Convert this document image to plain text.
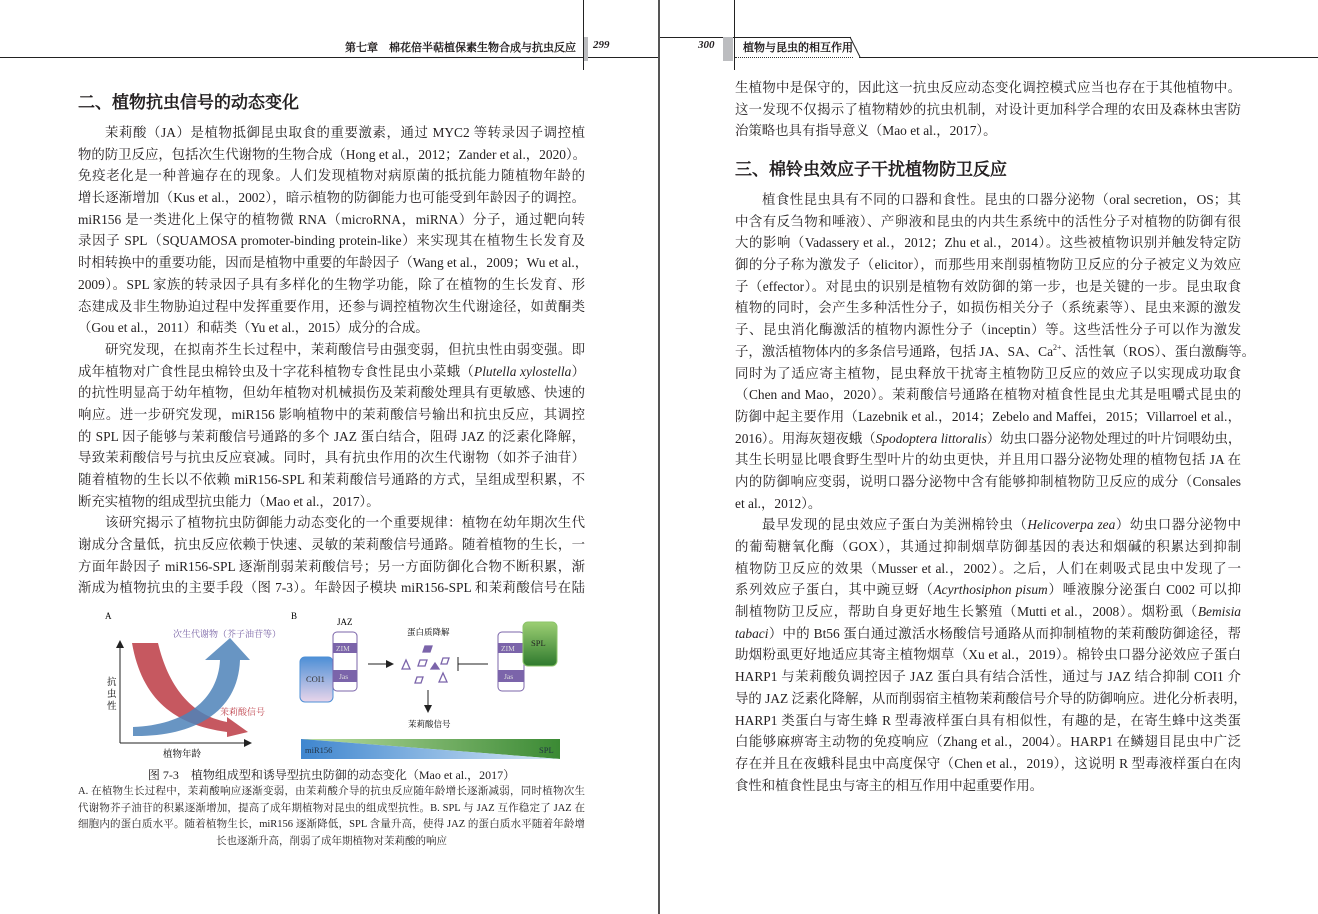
第七章　棉花倍半萜植保素生物合成与抗虫反应 299	300	植物与昆虫的相互作用
二、植物抗虫信号的动态变化
茉莉酸（JA）是植物抵御昆虫取食的重要激素，通过 MYC2 等转录因子调控植
物的防卫反应，包括次生代谢物的生物合成（Hong et al.，2012；Zander et al.，2020）。
免疫老化是一种普遍存在的现象。人们发现植物对病原菌的抵抗能力随植物年龄的
增长逐渐增加（Kus et al.，2002），暗示植物的防御能力也可能受到年龄因子的调控。
miR156 是一类进化上保守的植物微 RNA（microRNA，miRNA）分子，通过靶向转
录因子 SPL（SQUAMOSA promoter-binding protein-like）来实现其在植物生长发育及
时相转换中的重要功能，因而是植物中重要的年龄因子（Wang et al.，2009；Wu et al.，
2009）。SPL 家族的转录因子具有多样化的生物学功能，除了在植物的生长发育、形
态建成及非生物胁迫过程中发挥重要作用，还参与调控植物次生代谢途径，如黄酮类
（Gou et al.，2011）和萜类（Yu et al.，2015）成分的合成。
研究发现，在拟南芥生长过程中，茉莉酸信号由强变弱，但抗虫性由弱变强。即
成年植物对广食性昆虫棉铃虫及十字花科植物专食性昆虫小菜蛾（Plutella xylostella）
的抗性明显高于幼年植物，但幼年植物对机械损伤及茉莉酸处理具有更敏感、快速的
响应。进一步研究发现，miR156 影响植物中的茉莉酸信号输出和抗虫反应，其调控
的 SPL 因子能够与茉莉酸信号通路的多个 JAZ 蛋白结合，阻碍 JAZ 的泛素化降解，
导致茉莉酸信号与抗虫反应衰减。同时，具有抗虫作用的次生代谢物（如芥子油苷）
随着植物的生长以不依赖 miR156-SPL 和茉莉酸信号通路的方式，呈组成型积累，不
断充实植物的组成型抗虫能力（Mao et al.，2017）。
该研究揭示了植物抗虫防御能力动态变化的一个重要规律：植物在幼年期次生代
谢成分含量低，抗虫反应依赖于快速、灵敏的茉莉酸信号通路。随着植物的生长，一
方面年龄因子 miR156-SPL 逐渐削弱茉莉酸信号；另一方面防御化合物不断积累，渐
渐成为植物抗虫的主要手段（图 7-3）。年龄因子模块 miR156-SPL 和茉莉酸信号在陆
A
抗
虫
性
植物年龄
次生代谢物（芥子油苷等）
茉莉酸信号
B
JAZ
COI1
ZIM
Jas
蛋白质降解
茉莉酸信号
ZIM
Jas
SPL
miR156	SPL
图 7-3　植物组成型和诱导型抗虫防御的动态变化（Mao et al.，2017）
A. 在植物生长过程中，茉莉酸响应逐渐变弱，由茉莉酸介导的抗虫反应随年龄增长逐渐减弱，同时植物次生
代谢物芥子油苷的积累逐渐增加，提高了成年期植物对昆虫的组成型抗性。B. SPL 与 JAZ 互作稳定了 JAZ 在
细胞内的蛋白质水平。随着植物生长，miR156 逐渐降低，SPL 含量升高，使得 JAZ 的蛋白质水平随着年龄增
长也逐渐升高，削弱了成年期植物对茉莉酸的响应
生植物中是保守的，因此这一抗虫反应动态变化调控模式应当也存在于其他植物中。
这一发现不仅揭示了植物精妙的抗虫机制，对设计更加科学合理的农田及森林虫害防
治策略也具有指导意义（Mao et al.，2017）。
三、棉铃虫效应子干扰植物防卫反应
植食性昆虫具有不同的口器和食性。昆虫的口器分泌物（oral secretion，OS；其
中含有反刍物和唾液）、产卵液和昆虫的内共生系统中的活性分子对植物的防御有很
大的影响（Vadassery et al.，2012；Zhu et al.，2014）。这些被植物识别并触发特定防
御的分子称为激发子（elicitor），而那些用来削弱植物防卫反应的分子被定义为效应
子（effector）。对昆虫的识别是植物有效防御的第一步，也是关键的一步。昆虫取食
植物的同时，会产生多种活性分子，如损伤相关分子（系统素等）、昆虫来源的激发
子、昆虫消化酶激活的植物内源性分子（inceptin）等。这些活性分子可以作为激发
子，激活植物体内的多条信号通路，包括 JA、SA、$Ca^{2+}$、活性氧（ROS）、蛋白激酶等。
同时为了适应寄主植物，昆虫释放干扰寄主植物防卫反应的效应子以实现成功取食
（Chen and Mao，2020）。茉莉酸信号通路在植物对植食性昆虫尤其是咀嚼式昆虫的
防御中起主要作用（Lazebnik et al.，2014；Zebelo and Maffei，2015；Villarroel et al.，
2016）。用海灰翅夜蛾（Spodoptera littoralis）幼虫口器分泌物处理过的叶片饲喂幼虫，
其生长明显比喂食野生型叶片的幼虫更快，并且用口器分泌物处理的植物包括 JA 在
内的防御响应变弱，说明口器分泌物中含有能够抑制植物防卫反应的成分（Consales
et al.，2012）。
最早发现的昆虫效应子蛋白为美洲棉铃虫（Helicoverpa zea）幼虫口器分泌物中
的葡萄糖氧化酶（GOX），其通过抑制烟草防御基因的表达和烟碱的积累达到抑制
植物防卫反应的效果（Musser et al.，2002）。之后，人们在刺吸式昆虫中发现了一
系列效应子蛋白，其中豌豆蚜（Acyrthosiphon pisum）唾液腺分泌蛋白 C002 可以抑
制植物防卫反应，帮助自身更好地生长繁殖（Mutti et al.，2008）。烟粉虱（Bemisia
tabaci）中的 Bt56 蛋白通过激活水杨酸信号通路从而抑制植物的茉莉酸防御途径，帮
助烟粉虱更好地适应其寄主植物烟草（Xu et al.，2019）。棉铃虫口器分泌效应子蛋白
HARP1 与茉莉酸负调控因子 JAZ 蛋白具有结合活性，通过与 JAZ 结合抑制 COI1 介
导的 JAZ 泛素化降解，从而削弱宿主植物茉莉酸信号介导的防御响应。进化分析表明，
HARP1 类蛋白与寄生蜂 R 型毒液样蛋白具有相似性，有趣的是，在寄生蜂中这类蛋
白能够麻痹寄主动物的免疫响应（Zhang et al.，2004）。HARP1 在鳞翅目昆虫中广泛
存在并且在夜蛾科昆虫中高度保守（Chen et al.，2019），这说明 R 型毒液样蛋白在肉
食性和植食性昆虫与寄主的相互作用中起重要作用。
